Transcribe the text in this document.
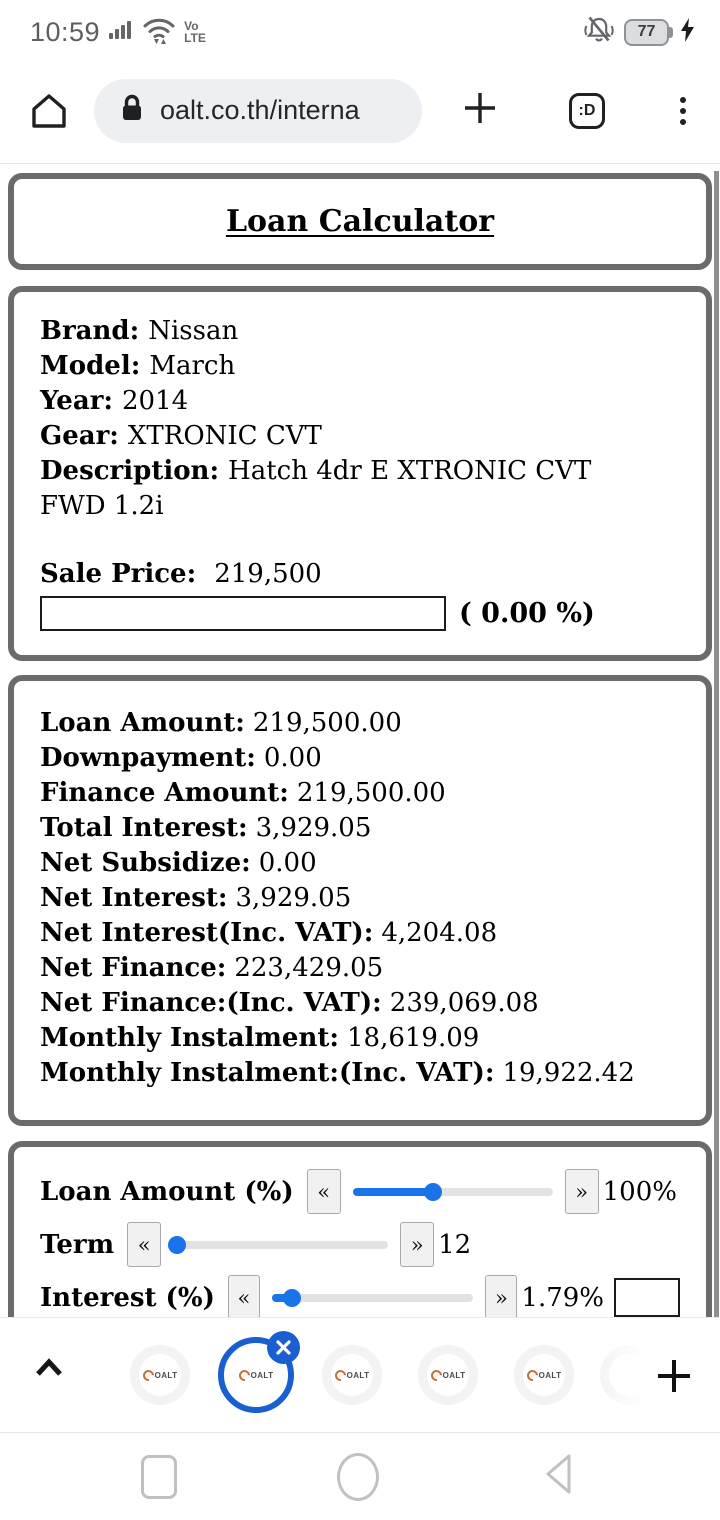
10:59	Vo
LTE	77
oalt.co.th/interna	:D
Loan Calculator
Brand: Nissan
Model: March
Year: 2014
Gear: XTRONIC CVT
Description: Hatch 4dr E XTRONIC CVT FWD 1.2i
Sale Price: 219,500
( 0.00 %)
Loan Amount: 219,500.00
Downpayment: 0.00
Finance Amount: 219,500.00
Total Interest: 3,929.05
Net Subsidize: 0.00
Net Interest: 3,929.05
Net Interest(Inc. VAT): 4,204.08
Net Finance: 223,429.05
Net Finance:(Inc. VAT): 239,069.08
Monthly Instalment: 18,619.09
Monthly Instalment:(Inc. VAT): 19,922.42
Loan Amount (%)	«	» 100%
Term	«	» 12
Interest (%)	«	» 1.79%
OALT	OALT	OALT	OALT	OALT
